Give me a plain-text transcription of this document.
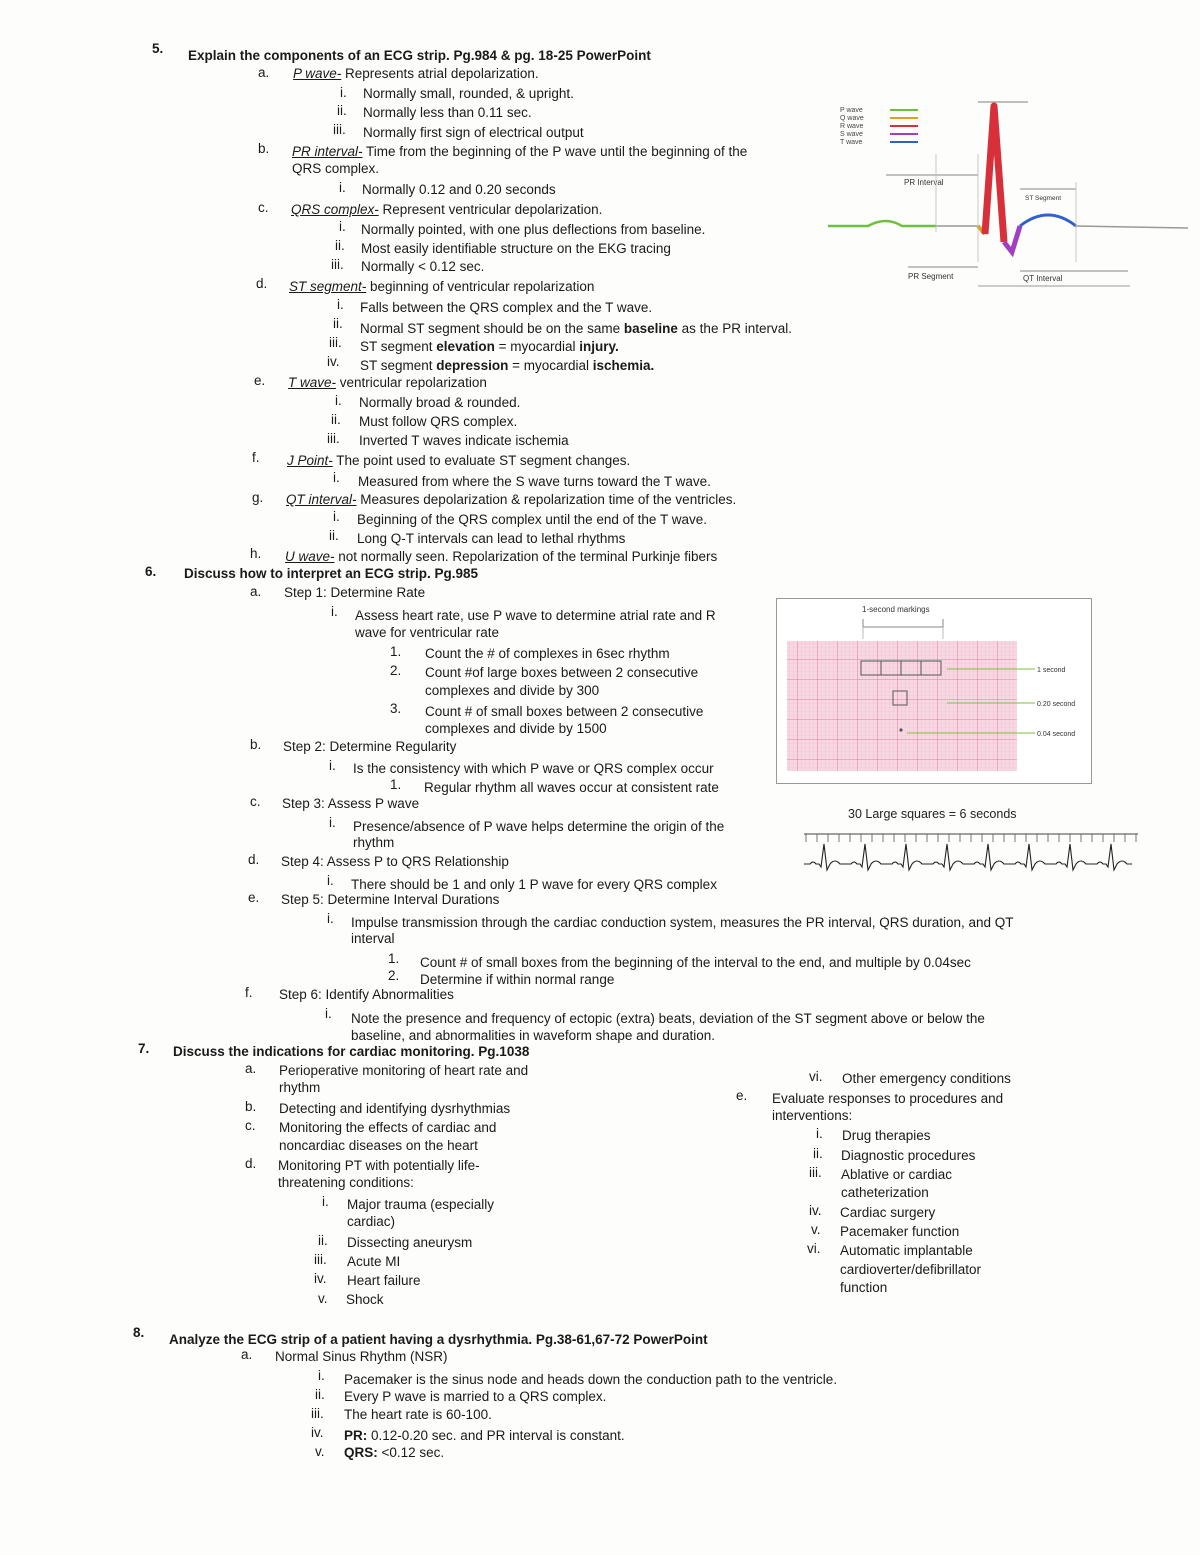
5. Explain the components of an ECG strip. Pg.984 & pg. 18-25 PowerPoint
a. P wave- Represents atrial depolarization.
i. Normally small, rounded, & upright.
ii. Normally less than 0.11 sec.
iii. Normally first sign of electrical output
b. PR interval- Time from the beginning of the P wave until the beginning of the
QRS complex.
i. Normally 0.12 and 0.20 seconds
c. QRS complex- Represent ventricular depolarization.
i. Normally pointed, with one plus deflections from baseline.
ii. Most easily identifiable structure on the EKG tracing
iii. Normally < 0.12 sec.
d. ST segment- beginning of ventricular repolarization
i. Falls between the QRS complex and the T wave.
ii. Normal ST segment should be on the same baseline as the PR interval.
iii. ST segment elevation = myocardial injury.
iv. ST segment depression = myocardial ischemia.
e. T wave- ventricular repolarization
i. Normally broad & rounded.
ii. Must follow QRS complex.
iii. Inverted T waves indicate ischemia
f. J Point- The point used to evaluate ST segment changes.
i. Measured from where the S wave turns toward the T wave.
g. QT interval- Measures depolarization & repolarization time of the ventricles.
i. Beginning of the QRS complex until the end of the T wave.
ii. Long Q-T intervals can lead to lethal rhythms
h. U wave- not normally seen. Repolarization of the terminal Purkinje fibers
6. Discuss how to interpret an ECG strip. Pg.985
a. Step 1: Determine Rate
i. Assess heart rate, use P wave to determine atrial rate and R
wave for ventricular rate
1. Count the # of complexes in 6sec rhythm
2. Count #of large boxes between 2 consecutive
complexes and divide by 300
3. Count # of small boxes between 2 consecutive
complexes and divide by 1500
b. Step 2: Determine Regularity
i. Is the consistency with which P wave or QRS complex occur
1. Regular rhythm all waves occur at consistent rate
c. Step 3: Assess P wave
i. Presence/absence of P wave helps determine the origin of the
rhythm
d. Step 4: Assess P to QRS Relationship
i. There should be 1 and only 1 P wave for every QRS complex
e. Step 5: Determine Interval Durations
i. Impulse transmission through the cardiac conduction system, measures the PR interval, QRS duration, and QT
interval
1. Count # of small boxes from the beginning of the interval to the end, and multiple by 0.04sec
2. Determine if within normal range
f. Step 6: Identify Abnormalities
i. Note the presence and frequency of ectopic (extra) beats, deviation of the ST segment above or below the
baseline, and abnormalities in waveform shape and duration.
7. Discuss the indications for cardiac monitoring. Pg.1038
a. Perioperative monitoring of heart rate and
rhythm
b. Detecting and identifying dysrhythmias
c. Monitoring the effects of cardiac and
noncardiac diseases on the heart
d. Monitoring PT with potentially life-
threatening conditions:
i. Major trauma (especially
cardiac)
ii. Dissecting aneurysm
iii. Acute MI
iv. Heart failure
v. Shock
vi. Other emergency conditions
e. Evaluate responses to procedures and
interventions:
i. Drug therapies
ii. Diagnostic procedures
iii. Ablative or cardiac
catheterization
iv. Cardiac surgery
v. Pacemaker function
vi. Automatic implantable
cardioverter/defibrillator
function
8. Analyze the ECG strip of a patient having a dysrhythmia. Pg.38-61,67-72 PowerPoint
a. Normal Sinus Rhythm (NSR)
i. Pacemaker is the sinus node and heads down the conduction path to the ventricle.
ii. Every P wave is married to a QRS complex.
iii. The heart rate is 60-100.
iv. PR: 0.12-0.20 sec. and PR interval is constant.
v. QRS: <0.12 sec.
P wave
Q wave
R wave
S wave
T wave
PR Interval
ST Segment
PR Segment	QT Interval
1-second markings
1 second
0.20 second
0.04 second
30 Large squares = 6 seconds
